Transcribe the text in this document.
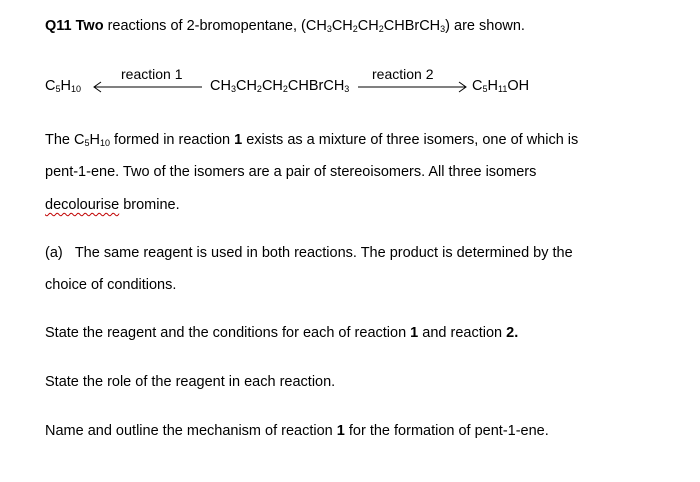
Q11 Two reactions of 2-bromopentane, $(CH_3CH_2CH_2CHBrCH_3)$ are shown.
$C_5H_{10}$
reaction 1
$CH_3CH_2CH_2CHBrCH_3$
reaction 2
$C_5H_{11}OH$
The $C_5H_{10}$ formed in reaction 1 exists as a mixture of three isomers, one of which is
pent-1-ene. Two of the isomers are a pair of stereoisomers. All three isomers
decolourise bromine.
(a) The same reagent is used in both reactions. The product is determined by the
choice of conditions.
State the reagent and the conditions for each of reaction 1 and reaction 2.
State the role of the reagent in each reaction.
Name and outline the mechanism of reaction 1 for the formation of pent-1-ene.
